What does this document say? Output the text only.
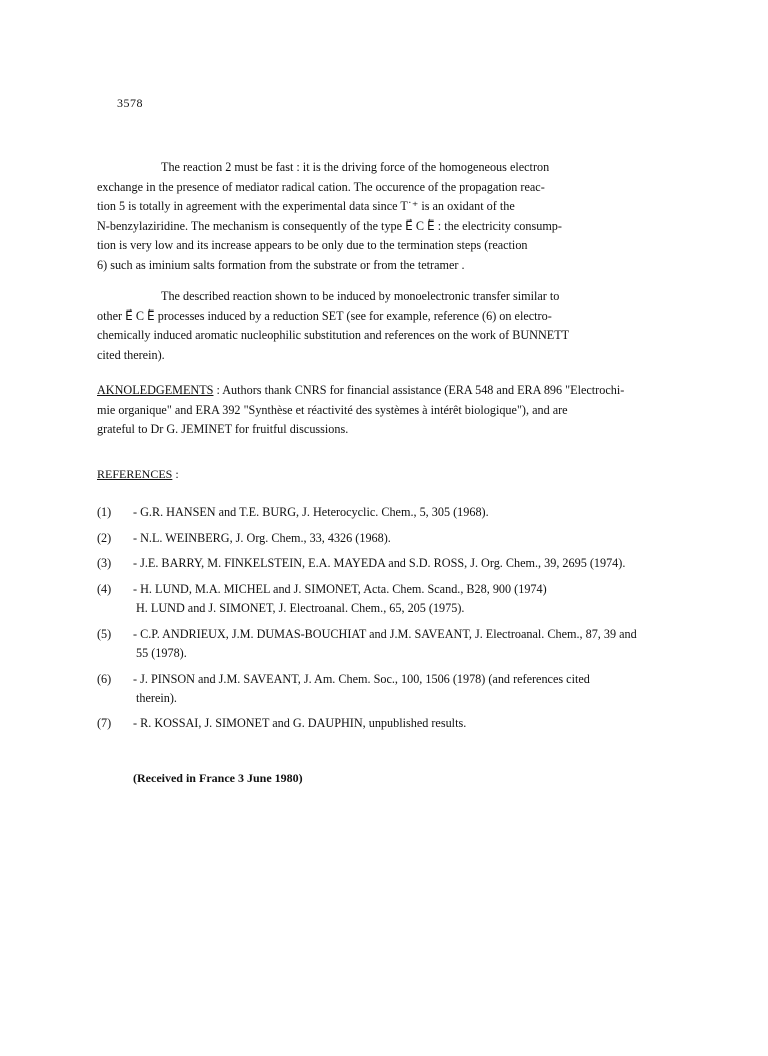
3578
The reaction 2 must be fast : it is the driving force of the homogeneous electron
exchange in the presence of mediator radical cation. The occurence of the propagation reac-
tion 5 is totally in agreement with the experimental data since T˙⁺ is an oxidant of the
N-benzylaziridine. The mechanism is consequently of the type E⃗ C E⃖ : the electricity consump-
tion is very low and its increase appears to be only due to the termination steps (reaction
6) such as iminium salts formation from the substrate or from the tetramer .
The described reaction shown to be induced by monoelectronic transfer similar to
other E⃗ C E⃖ processes induced by a reduction SET (see for example, reference (6) on electro-
chemically induced aromatic nucleophilic substitution and references on the work of BUNNETT
cited therein).
AKNOLEDGEMENTS : Authors thank CNRS for financial assistance (ERA 548 and ERA 896 "Electrochi-
mie organique" and ERA 392 "Synthèse et réactivité des systèmes à intérêt biologique"), and are
grateful to Dr G. JEMINET for fruitful discussions.
REFERENCES :
(1) - G.R. HANSEN and T.E. BURG, J. Heterocyclic. Chem., 5, 305 (1968).
(2) - N.L. WEINBERG, J. Org. Chem., 33, 4326 (1968).
(3) - J.E. BARRY, M. FINKELSTEIN, E.A. MAYEDA and S.D. ROSS, J. Org. Chem., 39, 2695 (1974).
(4) - H. LUND, M.A. MICHEL and J. SIMONET, Acta. Chem. Scand., B28, 900 (1974)
H. LUND and J. SIMONET, J. Electroanal. Chem., 65, 205 (1975).
(5) - C.P. ANDRIEUX, J.M. DUMAS-BOUCHIAT and J.M. SAVEANT, J. Electroanal. Chem., 87, 39 and
55 (1978).
(6) - J. PINSON and J.M. SAVEANT, J. Am. Chem. Soc., 100, 1506 (1978) (and references cited
therein).
(7) - R. KOSSAI, J. SIMONET and G. DAUPHIN, unpublished results.
(Received in France 3 June 1980)
